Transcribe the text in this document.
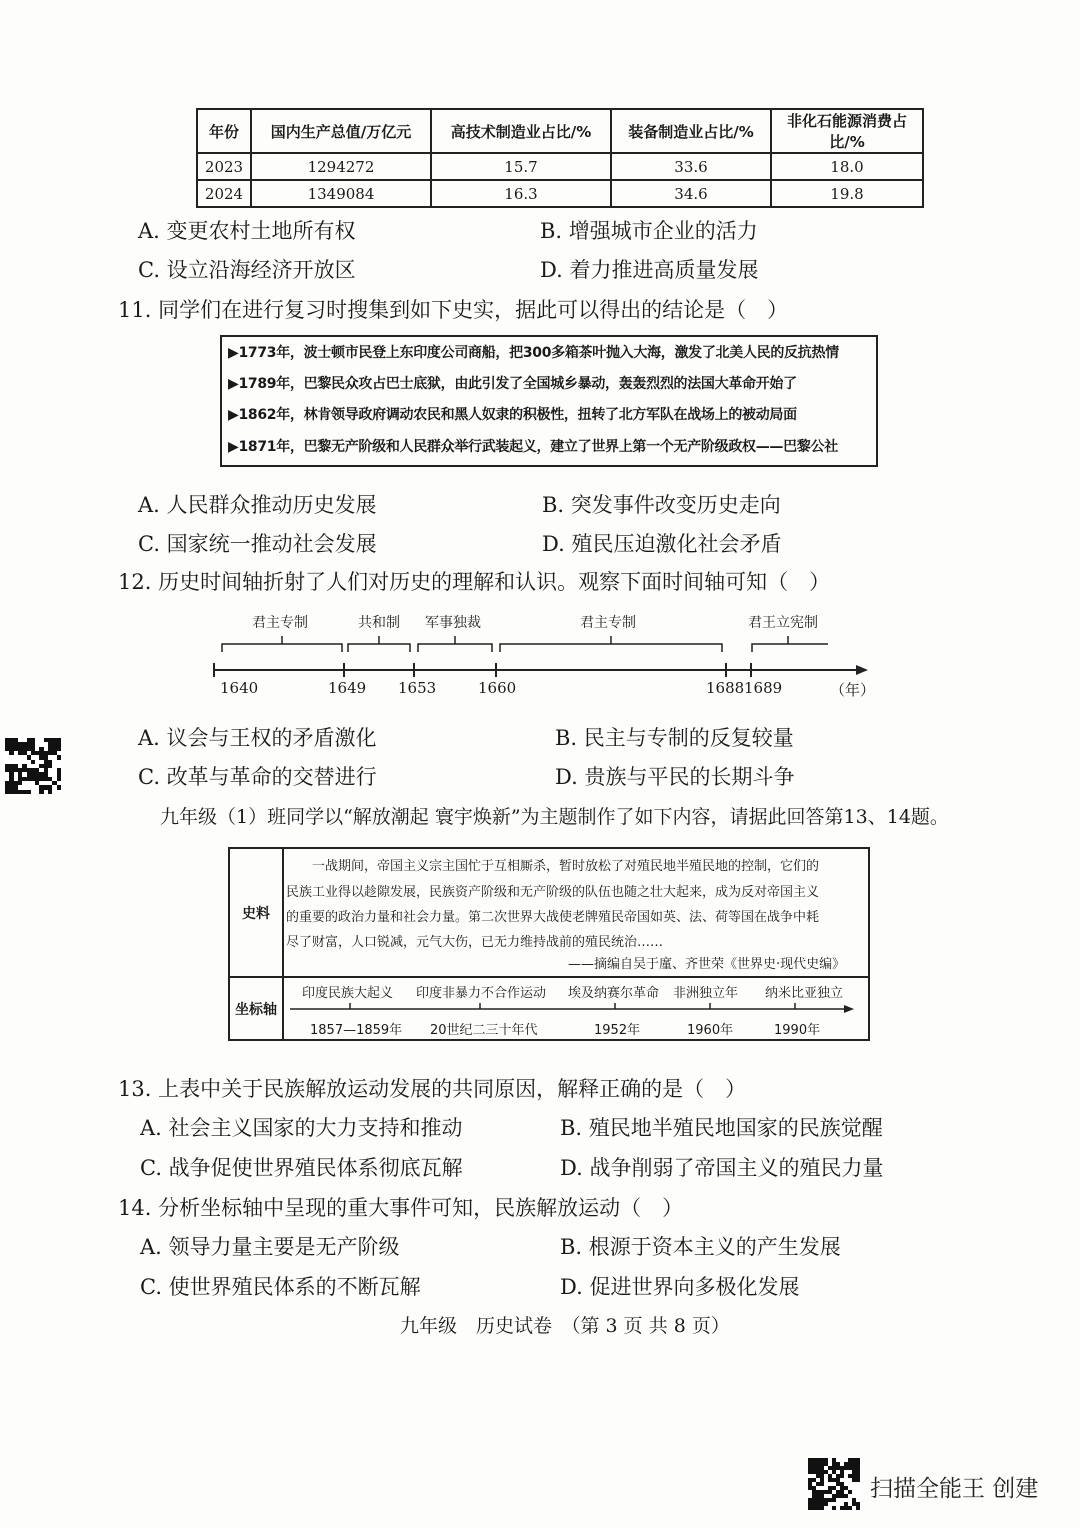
年份	国内生产总值/万亿元	高技术制造业占比/%	装备制造业占比/%	非化石能源消费占比/%
2023	1294272	15.7	33.6	18.0
2024	1349084	16.3	34.6	19.8
A. 变更农村土地所有权	B. 增强城市企业的活力
C. 设立沿海经济开放区	D. 着力推进高质量发展
11. 同学们在进行复习时搜集到如下史实，据此可以得出的结论是（　）
▶1773年，波士顿市民登上东印度公司商船，把300多箱茶叶抛入大海，激发了北美人民的反抗热情
▶1789年，巴黎民众攻占巴士底狱，由此引发了全国城乡暴动，轰轰烈烈的法国大革命开始了
▶1862年，林肯领导政府调动农民和黑人奴隶的积极性，扭转了北方军队在战场上的被动局面
▶1871年，巴黎无产阶级和人民群众举行武装起义，建立了世界上第一个无产阶级政权——巴黎公社
A. 人民群众推动历史发展	B. 突发事件改变历史走向
C. 国家统一推动社会发展	D. 殖民压迫激化社会矛盾
12. 历史时间轴折射了人们对历史的理解和认识。观察下面时间轴可知（　）
君主专制	共和制 军事独裁	君主专制	君王立宪制
1640	1649 1653	1660	1688 1689	（年）
A. 议会与王权的矛盾激化	B. 民主与专制的反复较量
C. 改革与革命的交替进行	D. 贵族与平民的长期斗争
九年级（1）班同学以“解放潮起 寰宇焕新”为主题制作了如下内容，请据此回答第13、14题。
史料
　　一战期间，帝国主义宗主国忙于互相厮杀，暂时放松了对殖民地半殖民地的控制，它们的
民族工业得以趁隙发展，民族资产阶级和无产阶级的队伍也随之壮大起来，成为反对帝国主义
的重要的政治力量和社会力量。第二次世界大战使老牌殖民帝国如英、法、荷等国在战争中耗
尽了财富，人口锐减，元气大伤，已无力维持战前的殖民统治……
——摘编自吴于廑、齐世荣《世界史·现代史编》
坐标轴
印度民族大起义 印度非暴力不合作运动 埃及纳赛尔革命 非洲独立年 纳米比亚独立
1857—1859年 20世纪二三十年代	1952年	1960年	1990年
13. 上表中关于民族解放运动发展的共同原因，解释正确的是（　）
A. 社会主义国家的大力支持和推动	B. 殖民地半殖民地国家的民族觉醒
C. 战争促使世界殖民体系彻底瓦解	D. 战争削弱了帝国主义的殖民力量
14. 分析坐标轴中呈现的重大事件可知，民族解放运动（　）
A. 领导力量主要是无产阶级	B. 根源于资本主义的产生发展
C. 使世界殖民体系的不断瓦解	D. 促进世界向多极化发展
九年级　历史试卷　（第 3 页 共 8 页）
扫描全能王 创建
